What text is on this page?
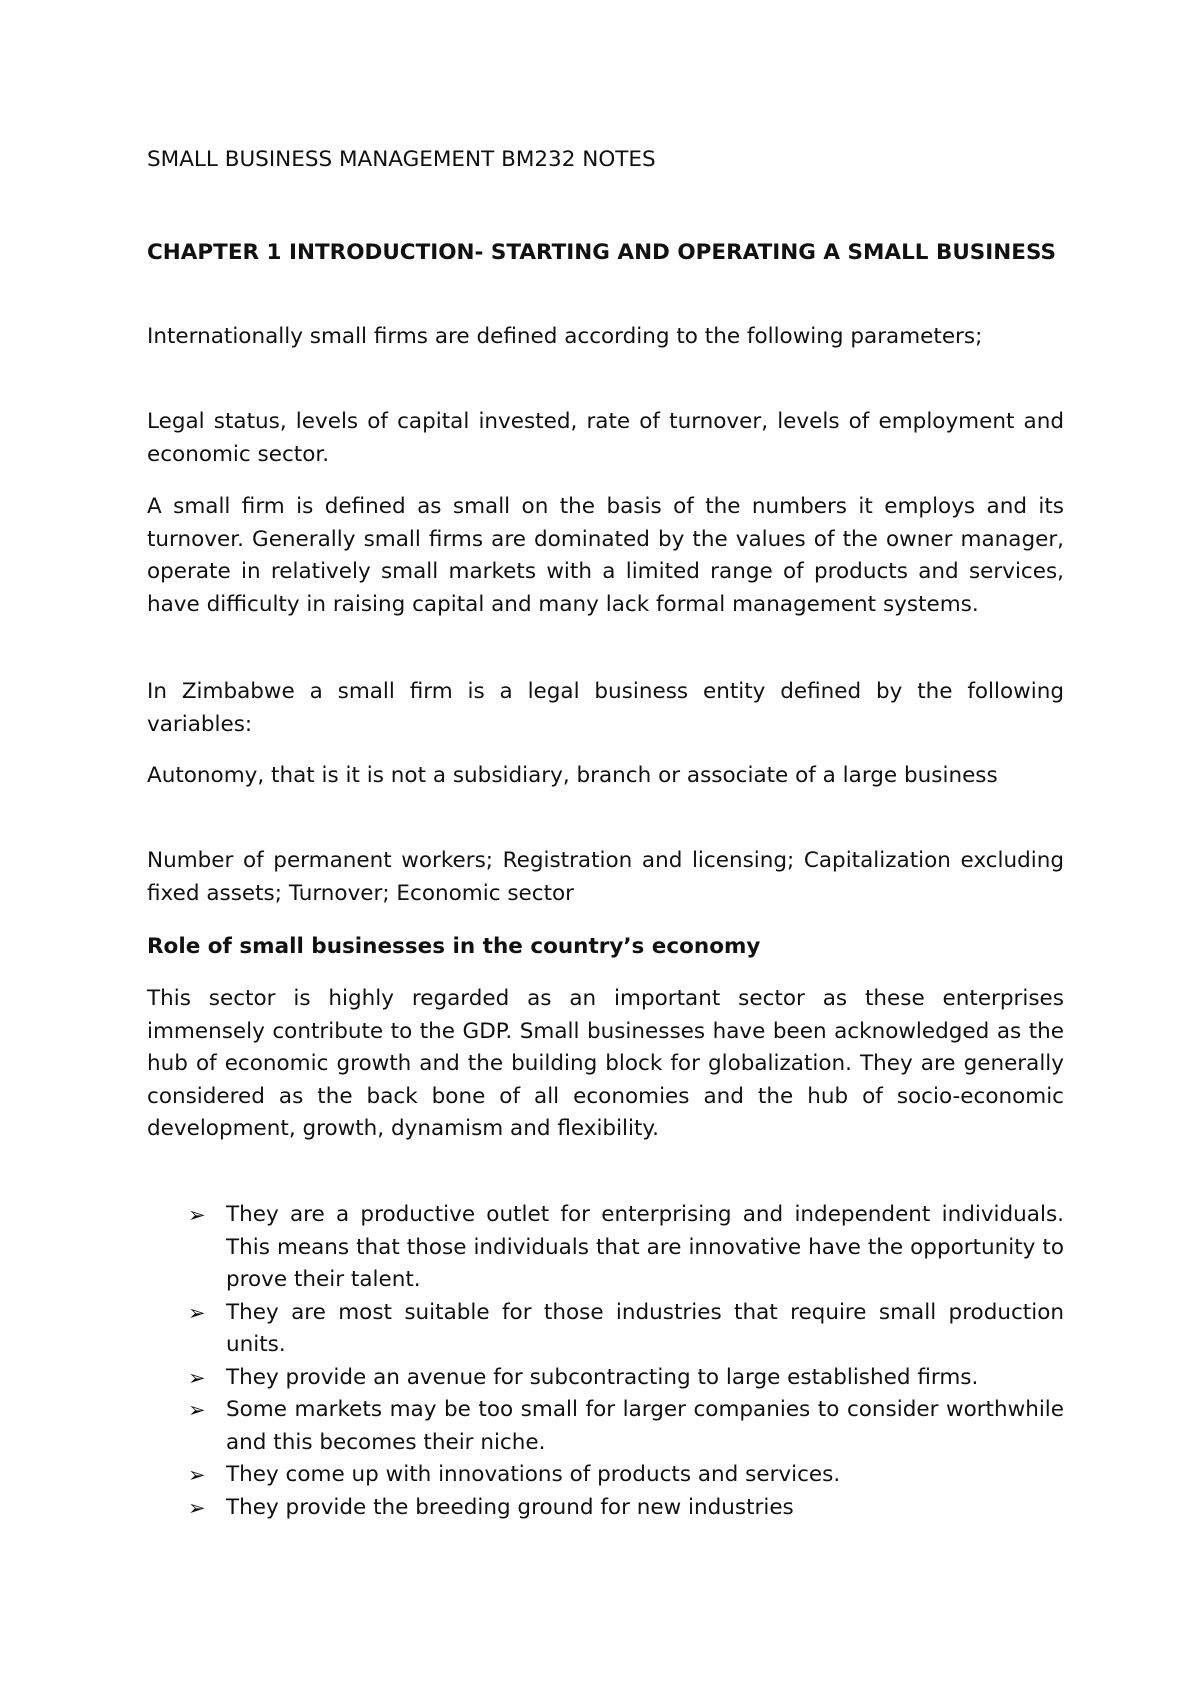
SMALL BUSINESS MANAGEMENT BM232 NOTES
CHAPTER 1 INTRODUCTION- STARTING AND OPERATING A SMALL BUSINESS

Internationally small firms are defined according to the following parameters;

Legal status, levels of capital invested, rate of turnover, levels of employment and economic sector.

A small firm is defined as small on the basis of the numbers it employs and its turnover. Generally small firms are dominated by the values of the owner manager, operate in relatively small markets with a limited range of products and services, have difficulty in raising capital and many lack formal management systems.

In Zimbabwe a small firm is a legal business entity defined by the following variables:

Autonomy, that is it is not a subsidiary, branch or associate of a large business

Number of permanent workers; Registration and licensing; Capitalization excluding fixed assets; Turnover; Economic sector

Role of small businesses in the country’s economy

This sector is highly regarded as an important sector as these enterprises immensely contribute to the GDP. Small businesses have been acknowledged as the hub of economic growth and the building block for globalization. They are generally considered as the back bone of all economies and the hub of socio-economic development, growth, dynamism and flexibility.

➢ They are a productive outlet for enterprising and independent individuals. This means that those individuals that are innovative have the opportunity to prove their talent.
➢ They are most suitable for those industries that require small production units.
➢ They provide an avenue for subcontracting to large established firms.
➢ Some markets may be too small for larger companies to consider worthwhile and this becomes their niche.
➢ They come up with innovations of products and services.
➢ They provide the breeding ground for new industries
